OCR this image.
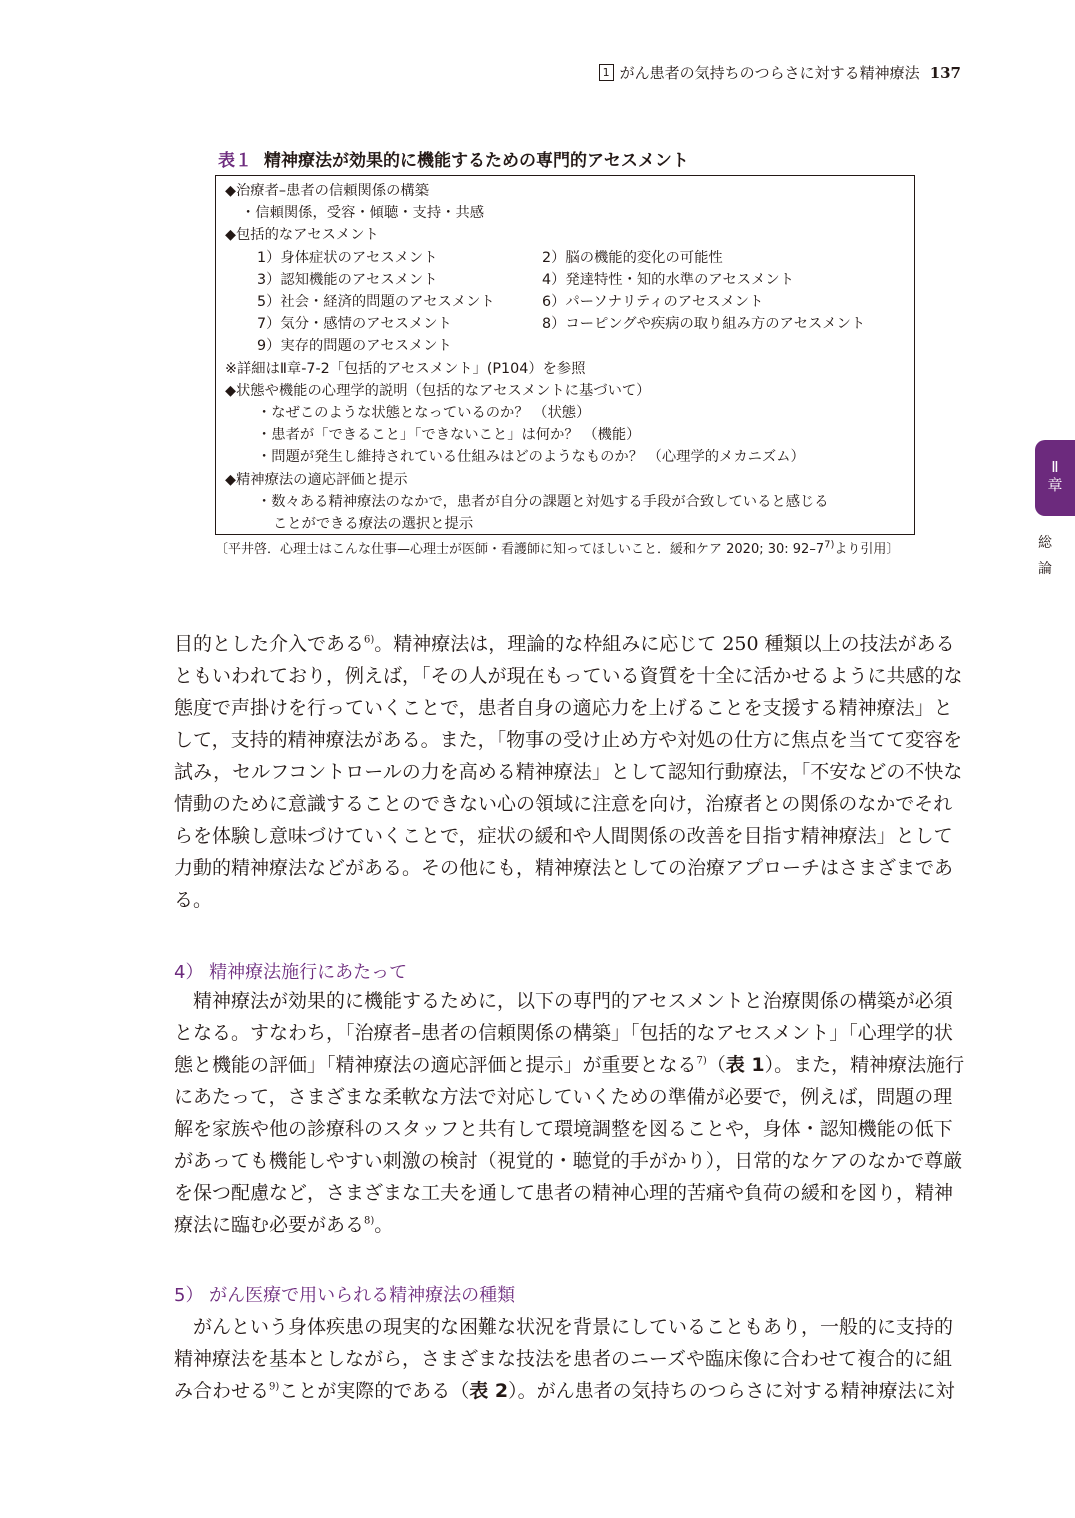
1 がん患者の気持ちのつらさに対する精神療法 137
表１ 精神療法が効果的に機能するための専門的アセスメント
◆治療者–患者の信頼関係の構築
・信頼関係，受容・傾聴・支持・共感
◆包括的なアセスメント
1）身体症状のアセスメント	2）脳の機能的変化の可能性
3）認知機能のアセスメント	4）発達特性・知的水準のアセスメント
5）社会・経済的問題のアセスメント	6）パーソナリティのアセスメント
7）気分・感情のアセスメント	8）コーピングや疾病の取り組み方のアセスメント
9）実存的問題のアセスメント
※詳細はⅡ章-7-2「包括的アセスメント」(P104）を参照
◆状態や機能の心理学的説明（包括的なアセスメントに基づいて）
・なぜこのような状態となっているのか？ （状態）
・患者が「できること」「できないこと」は何か？ （機能）
・問題が発生し維持されている仕組みはどのようなものか？ （心理学的メカニズム）
◆精神療法の適応評価と提示
・数々ある精神療法のなかで，患者が自分の課題と対処する手段が合致していると感じる
ことができる療法の選択と提示
〔平井啓．心理士はこんな仕事—心理士が医師・看護師に知ってほしいこと．緩和ケア 2020; 30: 92–7$^{7)}$より引用〕
Ⅱ
章
総
論
目的とした介入である$^{6)}$。精神療法は，理論的な枠組みに応じて 250 種類以上の技法がある
ともいわれており，例えば，「その人が現在もっている資質を十全に活かせるように共感的な
態度で声掛けを行っていくことで，患者自身の適応力を上げることを支援する精神療法」と
して，支持的精神療法がある。また，「物事の受け止め方や対処の仕方に焦点を当てて変容を
試み，セルフコントロールの力を高める精神療法」として認知行動療法，「不安などの不快な
情動のために意識することのできない心の領域に注意を向け，治療者との関係のなかでそれ
らを体験し意味づけていくことで，症状の緩和や人間関係の改善を目指す精神療法」として
力動的精神療法などがある。その他にも，精神療法としての治療アプローチはさまざまであ
る。
4） 精神療法施行にあたって
精神療法が効果的に機能するために，以下の専門的アセスメントと治療関係の構築が必須
となる。すなわち，「治療者–患者の信頼関係の構築」「包括的なアセスメント」「心理学的状
態と機能の評価」「精神療法の適応評価と提示」が重要となる$^{7)}$（表 1）。また，精神療法施行
にあたって，さまざまな柔軟な方法で対応していくための準備が必要で，例えば，問題の理
解を家族や他の診療科のスタッフと共有して環境調整を図ることや，身体・認知機能の低下
があっても機能しやすい刺激の検討（視覚的・聴覚的手がかり），日常的なケアのなかで尊厳
を保つ配慮など，さまざまな工夫を通して患者の精神心理的苦痛や負荷の緩和を図り，精神
療法に臨む必要がある$^{8)}$。
5） がん医療で用いられる精神療法の種類
がんという身体疾患の現実的な困難な状況を背景にしていることもあり，一般的に支持的
精神療法を基本としながら，さまざまな技法を患者のニーズや臨床像に合わせて複合的に組
み合わせる$^{9)}$ことが実際的である（表 2）。がん患者の気持ちのつらさに対する精神療法に対
